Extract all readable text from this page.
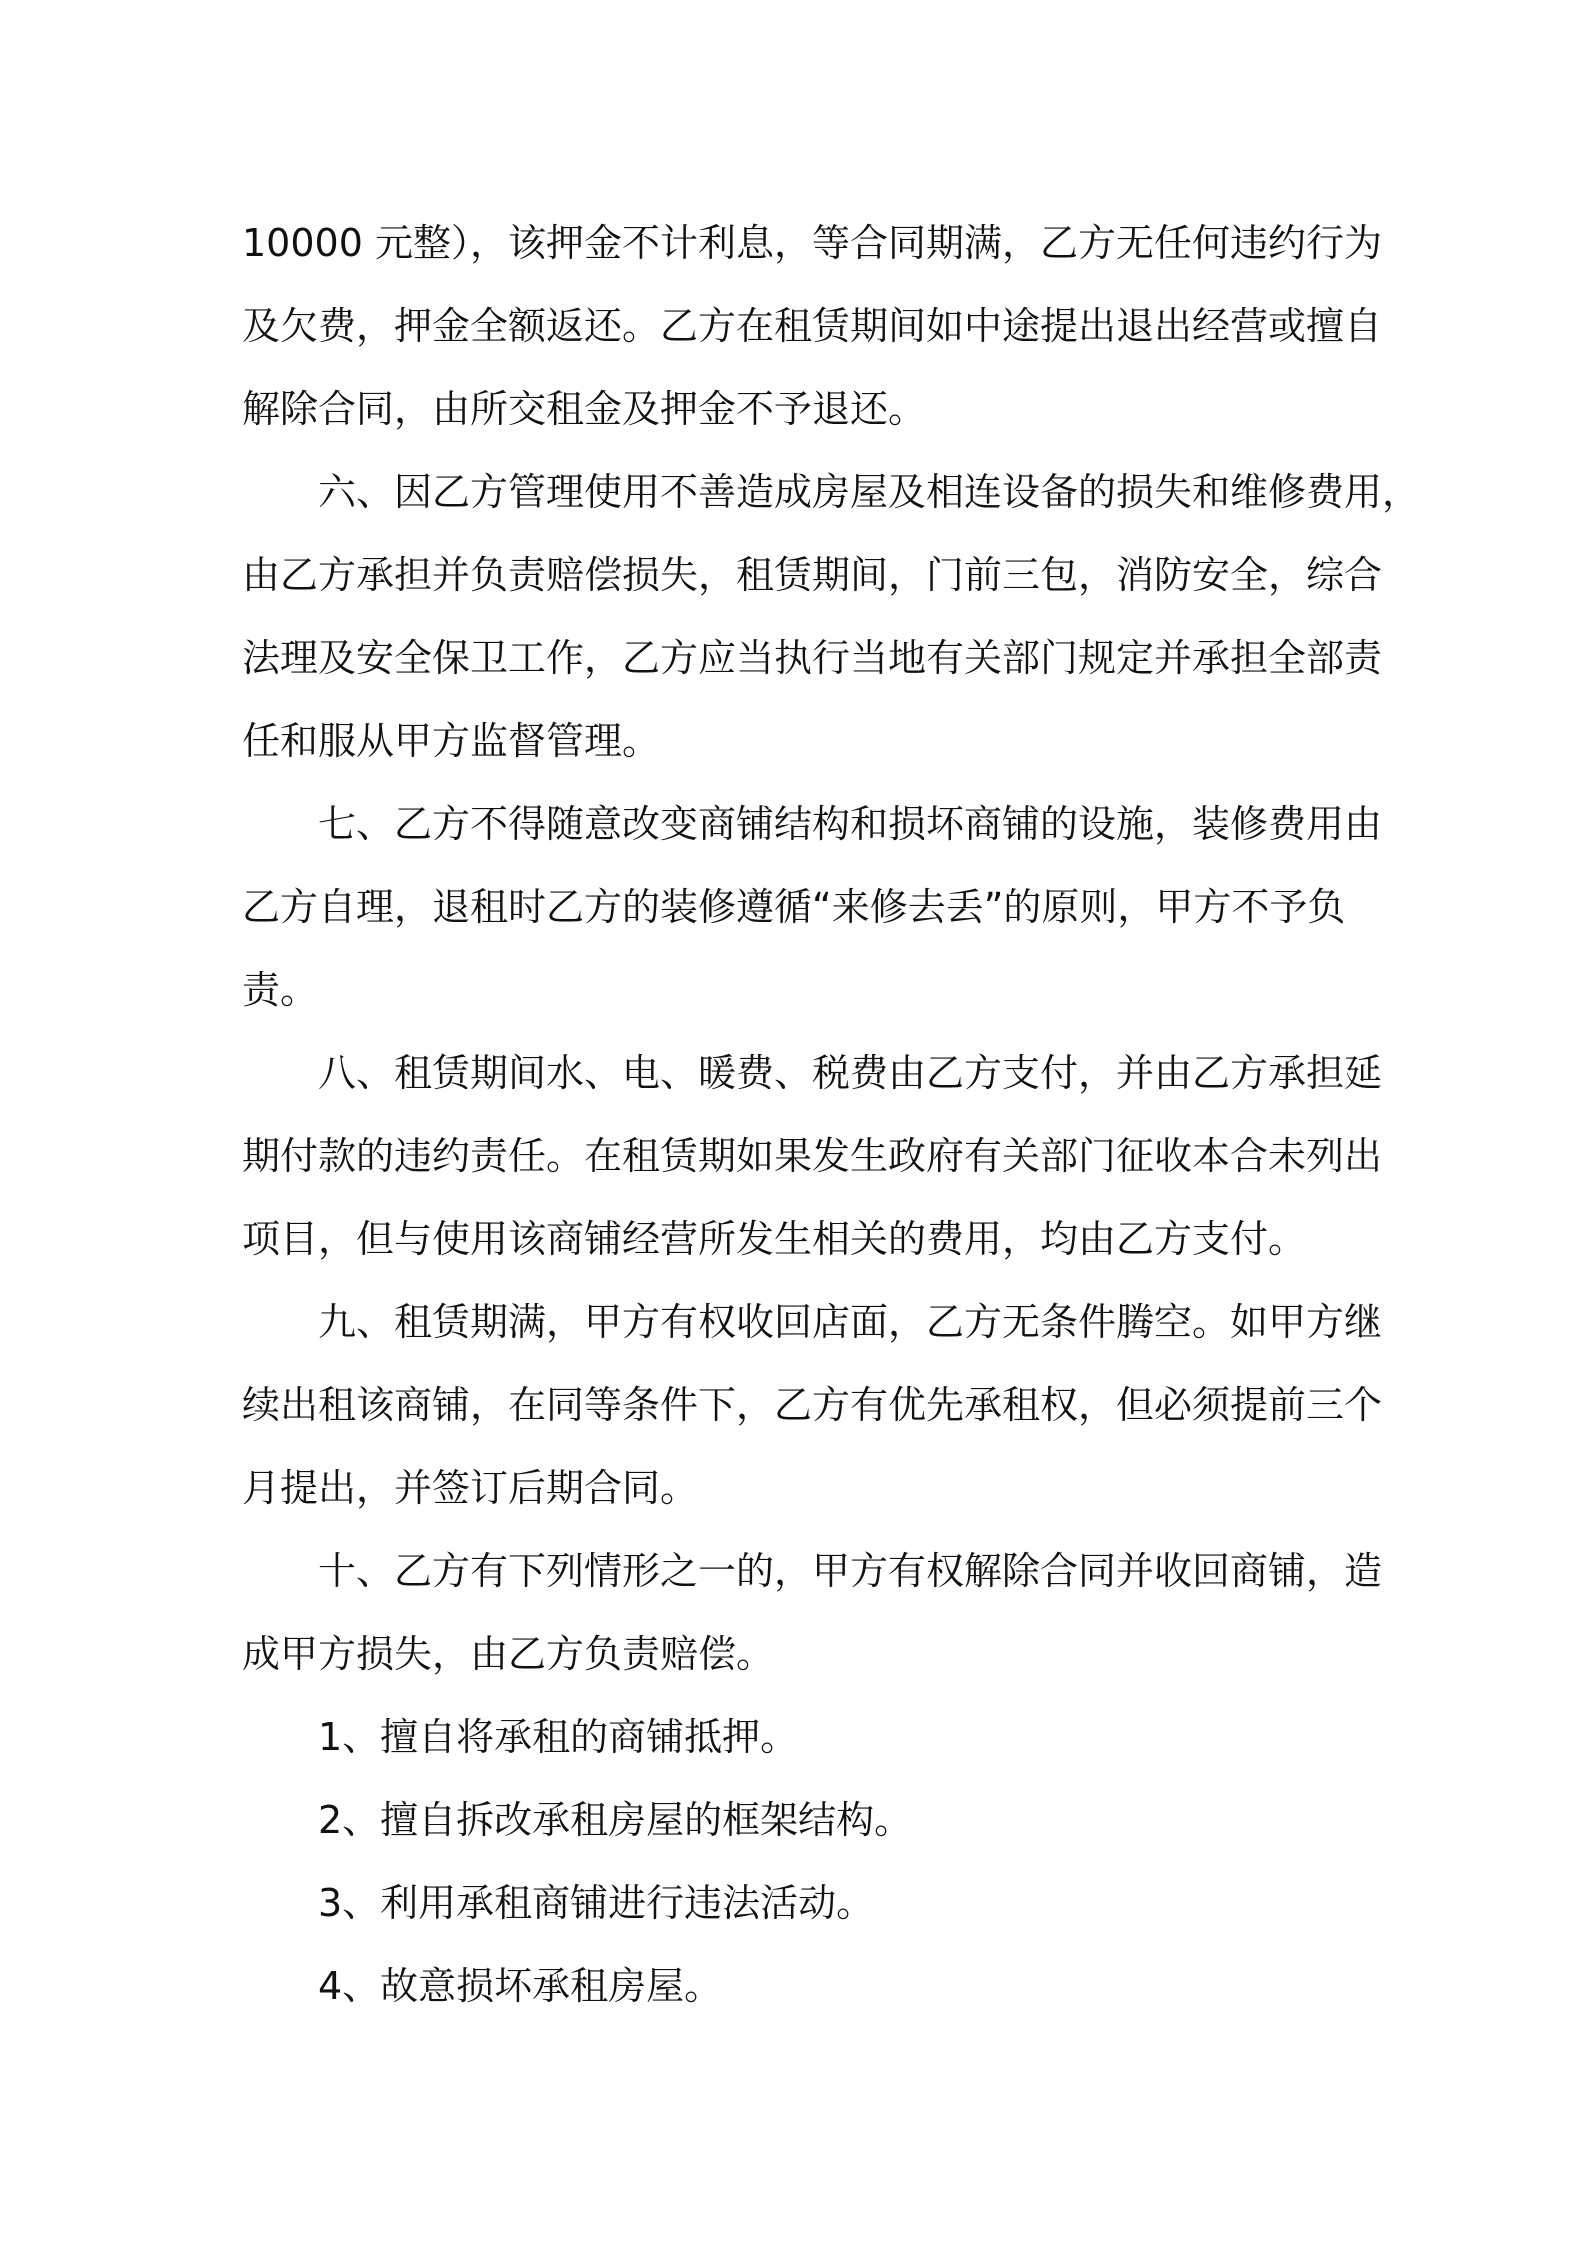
10000 元整），该押金不计利息，等合同期满，乙方无任何违约行为
及欠费，押金全额返还。乙方在租赁期间如中途提出退出经营或擅自
解除合同，由所交租金及押金不予退还。
六、因乙方管理使用不善造成房屋及相连设备的损失和维修费用，
由乙方承担并负责赔偿损失，租赁期间，门前三包，消防安全，综合
法理及安全保卫工作，乙方应当执行当地有关部门规定并承担全部责
任和服从甲方监督管理。
七、乙方不得随意改变商铺结构和损坏商铺的设施，装修费用由
乙方自理，退租时乙方的装修遵循“来修去丢”的原则，甲方不予负
责。
八、租赁期间水、电、暖费、税费由乙方支付，并由乙方承担延
期付款的违约责任。在租赁期如果发生政府有关部门征收本合未列出
项目，但与使用该商铺经营所发生相关的费用，均由乙方支付。
九、租赁期满，甲方有权收回店面，乙方无条件腾空。如甲方继
续出租该商铺，在同等条件下，乙方有优先承租权，但必须提前三个
月提出，并签订后期合同。
十、乙方有下列情形之一的，甲方有权解除合同并收回商铺，造
成甲方损失，由乙方负责赔偿。
1、擅自将承租的商铺抵押。
2、擅自拆改承租房屋的框架结构。
3、利用承租商铺进行违法活动。
4、故意损坏承租房屋。
